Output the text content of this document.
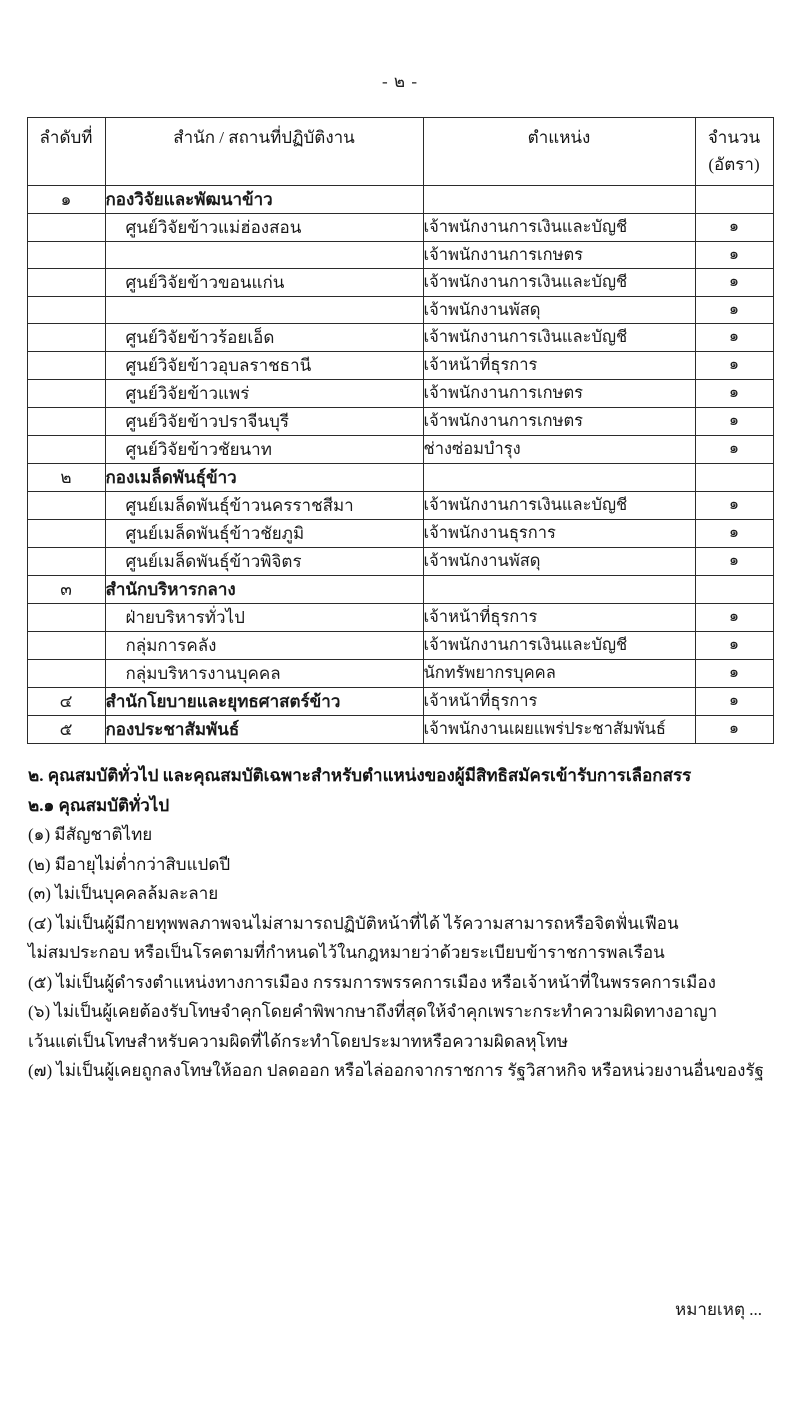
- ๒ -
ลำดับที่	สำนัก / สถานที่ปฏิบัติงาน	ตำแหน่ง	จำนวน (อัตรา)
๑	กองวิจัยและพัฒนาข้าว		
	ศูนย์วิจัยข้าวแม่ฮ่องสอน	เจ้าพนักงานการเงินและบัญชี	๑
		เจ้าพนักงานการเกษตร	๑
	ศูนย์วิจัยข้าวขอนแก่น	เจ้าพนักงานการเงินและบัญชี	๑
		เจ้าพนักงานพัสดุ	๑
	ศูนย์วิจัยข้าวร้อยเอ็ด	เจ้าพนักงานการเงินและบัญชี	๑
	ศูนย์วิจัยข้าวอุบลราชธานี	เจ้าหน้าที่ธุรการ	๑
	ศูนย์วิจัยข้าวแพร่	เจ้าพนักงานการเกษตร	๑
	ศูนย์วิจัยข้าวปราจีนบุรี	เจ้าพนักงานการเกษตร	๑
	ศูนย์วิจัยข้าวชัยนาท	ช่างซ่อมบำรุง	๑
๒	กองเมล็ดพันธุ์ข้าว		
	ศูนย์เมล็ดพันธุ์ข้าวนครราชสีมา	เจ้าพนักงานการเงินและบัญชี	๑
	ศูนย์เมล็ดพันธุ์ข้าวชัยภูมิ	เจ้าพนักงานธุรการ	๑
	ศูนย์เมล็ดพันธุ์ข้าวพิจิตร	เจ้าพนักงานพัสดุ	๑
๓	สำนักบริหารกลาง		
	ฝ่ายบริหารทั่วไป	เจ้าหน้าที่ธุรการ	๑
	กลุ่มการคลัง	เจ้าพนักงานการเงินและบัญชี	๑
	กลุ่มบริหารงานบุคคล	นักทรัพยากรบุคคล	๑
๔	สำนักโยบายและยุทธศาสตร์ข้าว	เจ้าหน้าที่ธุรการ	๑
๕	กองประชาสัมพันธ์	เจ้าพนักงานเผยแพร่ประชาสัมพันธ์	๑

๒. คุณสมบัติทั่วไป และคุณสมบัติเฉพาะสำหรับตำแหน่งของผู้มีสิทธิสมัครเข้ารับการเลือกสรร

๒.๑ คุณสมบัติทั่วไป

(๑) มีสัญชาติไทย

(๒) มีอายุไม่ต่ำกว่าสิบแปดปี

(๓) ไม่เป็นบุคคลล้มละลาย

(๔) ไม่เป็นผู้มีกายทุพพลภาพจนไม่สามารถปฏิบัติหน้าที่ได้ ไร้ความสามารถหรือจิตฟั่นเฟือน

ไม่สมประกอบ หรือเป็นโรคตามที่กำหนดไว้ในกฎหมายว่าด้วยระเบียบข้าราชการพลเรือน

(๕) ไม่เป็นผู้ดำรงตำแหน่งทางการเมือง กรรมการพรรคการเมือง หรือเจ้าหน้าที่ในพรรคการเมือง

(๖) ไม่เป็นผู้เคยต้องรับโทษจำคุกโดยคำพิพากษาถึงที่สุดให้จำคุกเพราะกระทำความผิดทางอาญา

เว้นแต่เป็นโทษสำหรับความผิดที่ได้กระทำโดยประมาทหรือความผิดลหุโทษ

(๗) ไม่เป็นผู้เคยถูกลงโทษให้ออก ปลดออก หรือไล่ออกจากราชการ รัฐวิสาหกิจ หรือหน่วยงานอื่นของรัฐ

หมายเหตุ ...
